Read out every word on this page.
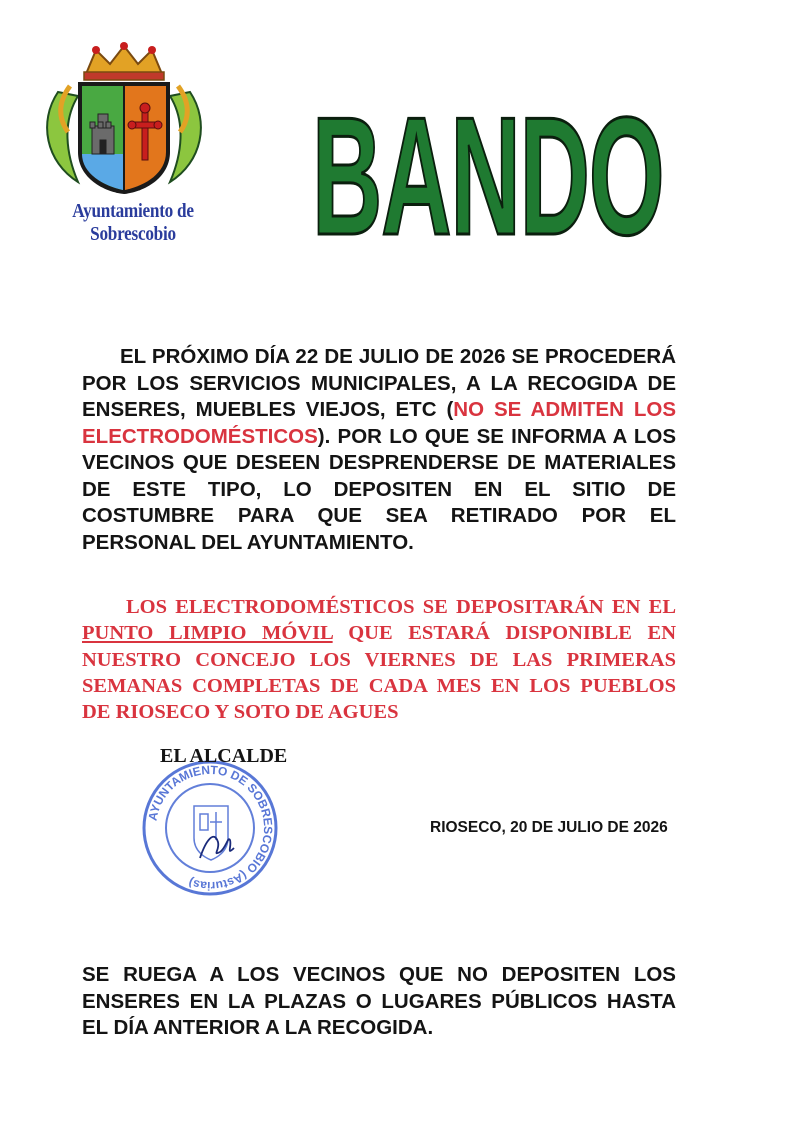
Ayuntamiento de Sobrescobio BANDO
EL PRÓXIMO DÍA 22 DE JULIO DE 2026 SE PROCEDERÁ POR LOS SERVICIOS MUNICIPALES, A LA RECOGIDA DE ENSERES, MUEBLES VIEJOS, ETC (NO SE ADMITEN LOS ELECTRODOMÉSTICOS). POR LO QUE SE INFORMA A LOS VECINOS QUE DESEEN DESPRENDERSE DE MATERIALES DE ESTE TIPO, LO DEPOSITEN EN EL SITIO DE COSTUMBRE PARA QUE SEA RETIRADO POR EL PERSONAL DEL AYUNTAMIENTO.
LOS ELECTRODOMÉSTICOS SE DEPOSITARÁN EN EL PUNTO LIMPIO MÓVIL QUE ESTARÁ DISPONIBLE EN NUESTRO CONCEJO LOS VIERNES DE LAS PRIMERAS SEMANAS COMPLETAS DE CADA MES EN LOS PUEBLOS DE RIOSECO Y SOTO DE AGUES
AYUNTAMIENTO DE SOBRESCOBIO (Asturias)
EL ALCALDE
RIOSECO, 20 DE JULIO DE 2026
SE RUEGA A LOS VECINOS QUE NO DEPOSITEN LOS ENSERES EN LA PLAZAS O LUGARES PÚBLICOS HASTA EL DÍA ANTERIOR A LA RECOGIDA.
